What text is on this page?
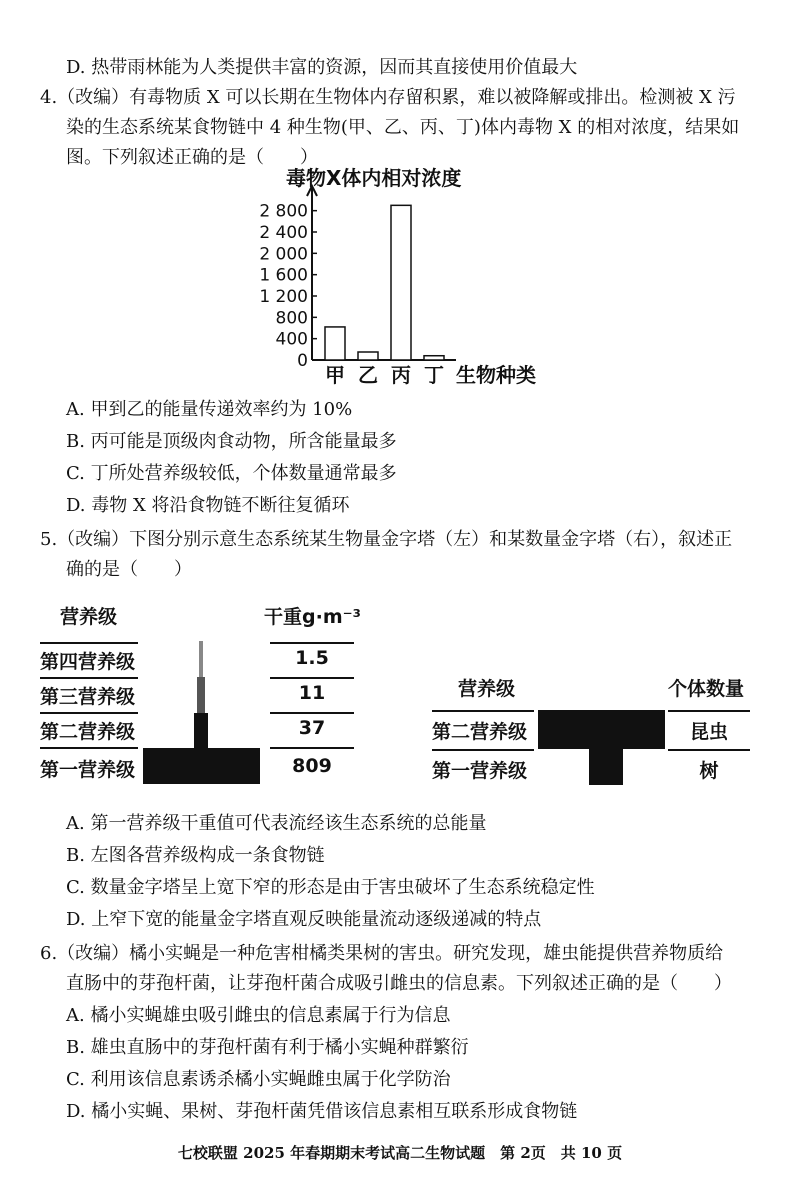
D. 热带雨林能为人类提供丰富的资源，因而其直接使用价值最大
4.（改编）有毒物质 X 可以长期在生物体内存留积累，难以被降解或排出。检测被 X 污
染的生态系统某食物链中 4 种生物(甲、乙、丙、丁)体内毒物 X 的相对浓度，结果如
图。下列叙述正确的是（　　）
毒物X体内相对浓度
0
400
800
1 200
1 600
2 000
2 400
2 800
甲 乙 丙 丁 生物种类
A. 甲到乙的能量传递效率约为 10%
B. 丙可能是顶级肉食动物，所含能量最多
C. 丁所处营养级较低，个体数量通常最多
D. 毒物 X 将沿食物链不断往复循环
5.（改编）下图分别示意生态系统某生物量金字塔（左）和某数量金字塔（右），叙述正
确的是（　　）
营养级	干重g·m⁻³
第四营养级
第三营养级
第二营养级
第一营养级
1.5
11
37
809
营养级	个体数量
第二营养级
第一营养级
昆虫
树
A. 第一营养级干重值可代表流经该生态系统的总能量
B. 左图各营养级构成一条食物链
C. 数量金字塔呈上宽下窄的形态是由于害虫破坏了生态系统稳定性
D. 上窄下宽的能量金字塔直观反映能量流动逐级递减的特点
6.（改编）橘小实蝇是一种危害柑橘类果树的害虫。研究发现，雄虫能提供营养物质给
直肠中的芽孢杆菌，让芽孢杆菌合成吸引雌虫的信息素。下列叙述正确的是（　　）
A. 橘小实蝇雄虫吸引雌虫的信息素属于行为信息
B. 雄虫直肠中的芽孢杆菌有利于橘小实蝇种群繁衍
C. 利用该信息素诱杀橘小实蝇雌虫属于化学防治
D. 橘小实蝇、果树、芽孢杆菌凭借该信息素相互联系形成食物链
七校联盟 2025 年春期期末考试高二生物试题　第 2页　共 10 页
